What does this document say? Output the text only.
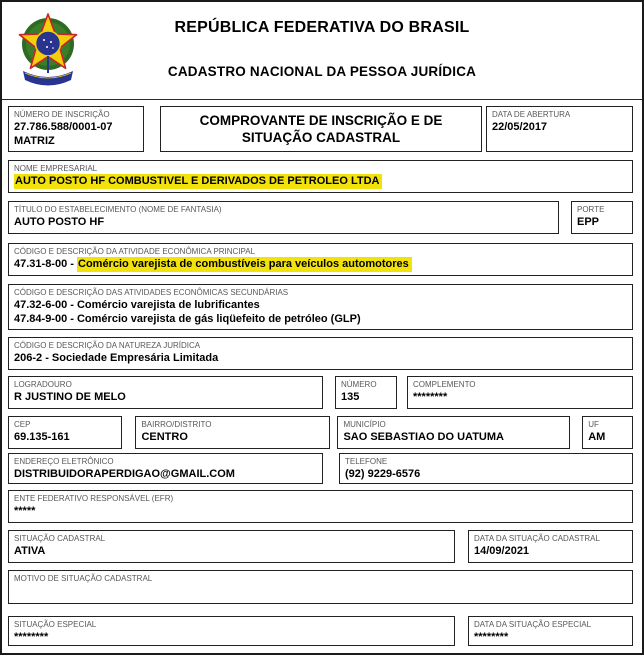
REPÚBLICA FEDERATIVA DO BRASIL
CADASTRO NACIONAL DA PESSOA JURÍDICA
NÚMERO DE INSCRIÇÃO
27.786.588/0001-07
MATRIZ
COMPROVANTE DE INSCRIÇÃO E DE SITUAÇÃO CADASTRAL
DATA DE ABERTURA
22/05/2017
NOME EMPRESARIAL
AUTO POSTO HF COMBUSTIVEL E DERIVADOS DE PETROLEO LTDA
TÍTULO DO ESTABELECIMENTO (NOME DE FANTASIA)
AUTO POSTO HF
PORTE
EPP
CÓDIGO E DESCRIÇÃO DA ATIVIDADE ECONÔMICA PRINCIPAL
47.31-8-00 - Comércio varejista de combustíveis para veículos automotores
CÓDIGO E DESCRIÇÃO DAS ATIVIDADES ECONÔMICAS SECUNDÁRIAS
47.32-6-00 - Comércio varejista de lubrificantes
47.84-9-00 - Comércio varejista de gás liqüefeito de petróleo (GLP)
CÓDIGO E DESCRIÇÃO DA NATUREZA JURÍDICA
206-2 - Sociedade Empresária Limitada
LOGRADOURO
R JUSTINO DE MELO
NÚMERO
135
COMPLEMENTO
********
CEP
69.135-161
BAIRRO/DISTRITO
CENTRO
MUNICÍPIO
SAO SEBASTIAO DO UATUMA
UF
AM
ENDEREÇO ELETRÔNICO
DISTRIBUIDORAPERDIGAO@GMAIL.COM
TELEFONE
(92) 9229-6576
ENTE FEDERATIVO RESPONSÁVEL (EFR)
*****
SITUAÇÃO CADASTRAL
ATIVA
DATA DA SITUAÇÃO CADASTRAL
14/09/2021
MOTIVO DE SITUAÇÃO CADASTRAL
SITUAÇÃO ESPECIAL
********
DATA DA SITUAÇÃO ESPECIAL
********
